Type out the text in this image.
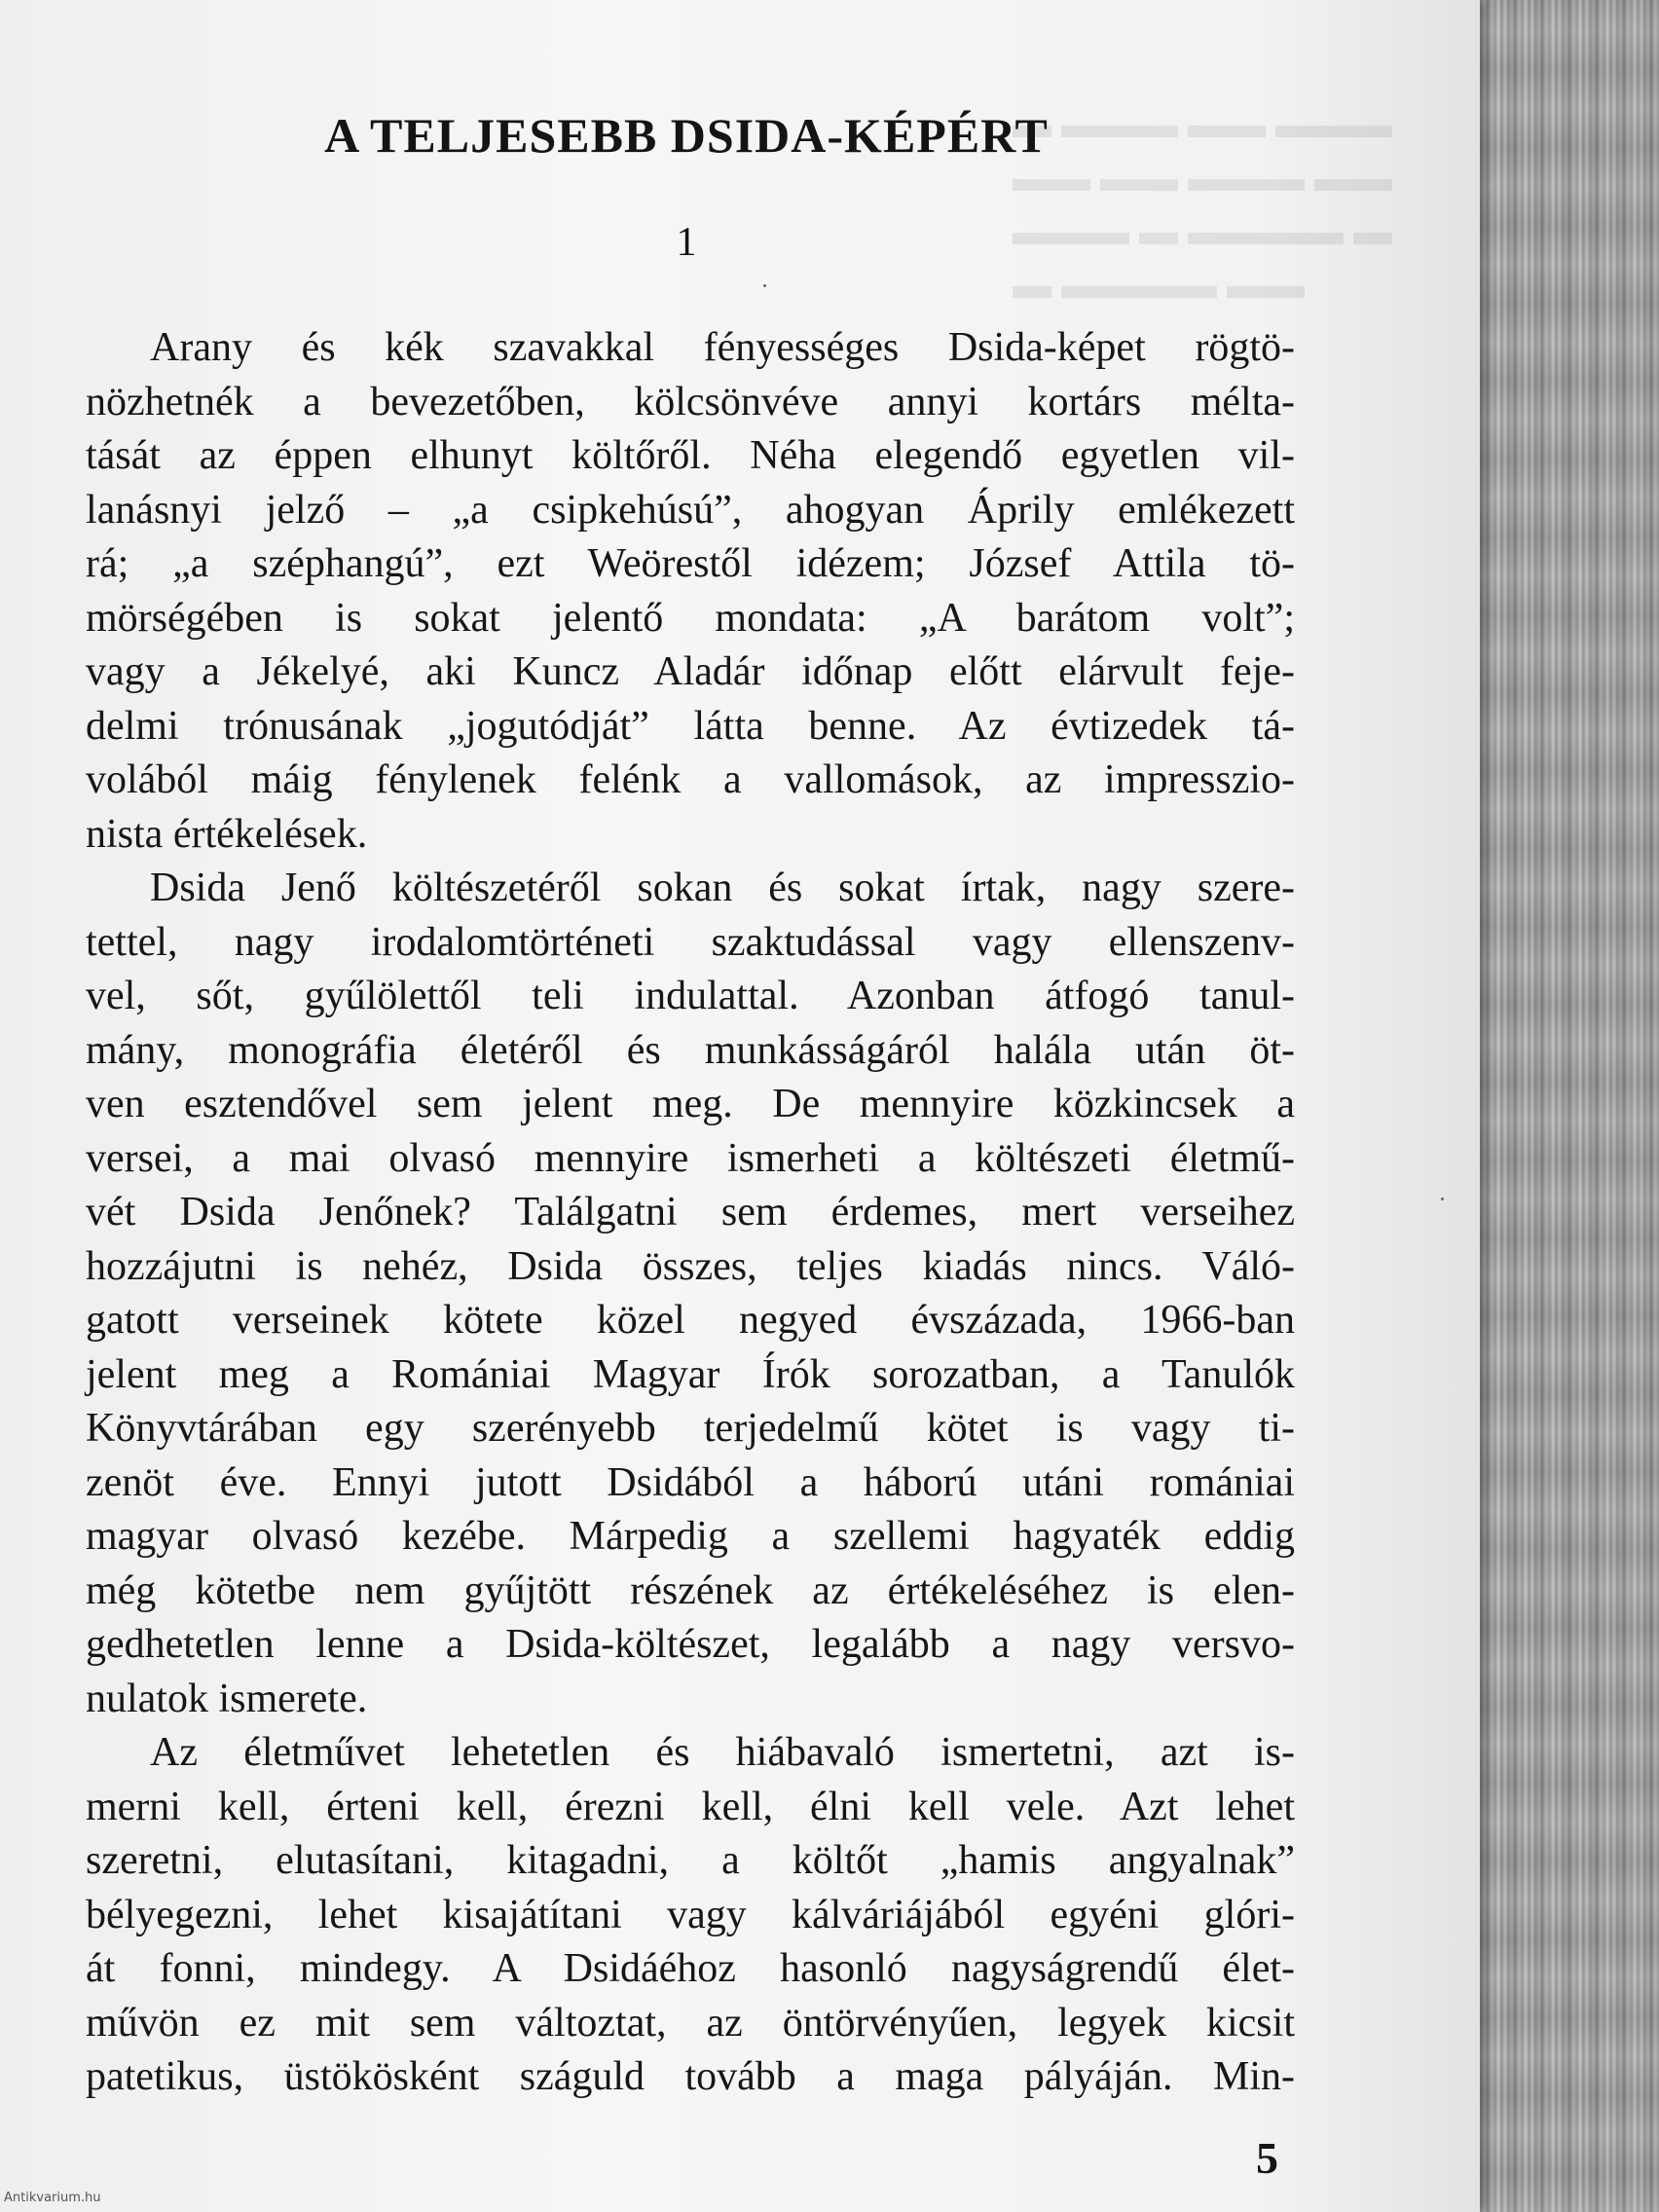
▬ ▬▬▬ ▬▬ ▬▬▬
▬▬ ▬▬ ▬▬▬ ▬▬
▬▬▬ ▬ ▬▬▬▬ ▬
▬ ▬▬▬▬ ▬▬
A TELJESEBB DSIDA-KÉPÉRT
1
Arany és kék szavakkal fényességes Dsida-képet rögtö-
nözhetnék a bevezetőben, kölcsönvéve annyi kortárs mélta-
tását az éppen elhunyt költőről. Néha elegendő egyetlen vil-
lanásnyi jelző – „a csipkehúsú”, ahogyan Áprily emlékezett
rá; „a széphangú”, ezt Weörestől idézem; József Attila tö-
mörségében is sokat jelentő mondata: „A barátom volt”;
vagy a Jékelyé, aki Kuncz Aladár időnap előtt elárvult feje-
delmi trónusának „jogutódját” látta benne. Az évtizedek tá-
volából máig fénylenek felénk a vallomások, az impresszio-
nista értékelések.
Dsida Jenő költészetéről sokan és sokat írtak, nagy szere-
tettel, nagy irodalomtörténeti szaktudással vagy ellenszenv-
vel, sőt, gyűlölettől teli indulattal. Azonban átfogó tanul-
mány, monográfia életéről és munkásságáról halála után öt-
ven esztendővel sem jelent meg. De mennyire közkincsek a
versei, a mai olvasó mennyire ismerheti a költészeti életmű-
vét Dsida Jenőnek? Találgatni sem érdemes, mert verseihez
hozzájutni is nehéz, Dsida összes, teljes kiadás nincs. Váló-
gatott verseinek kötete közel negyed évszázada, 1966-ban
jelent meg a Romániai Magyar Írók sorozatban, a Tanulók
Könyvtárában egy szerényebb terjedelmű kötet is vagy ti-
zenöt éve. Ennyi jutott Dsidából a háború utáni romániai
magyar olvasó kezébe. Márpedig a szellemi hagyaték eddig
még kötetbe nem gyűjtött részének az értékeléséhez is elen-
gedhetetlen lenne a Dsida-költészet, legalább a nagy versvo-
nulatok ismerete.
Az életművet lehetetlen és hiábavaló ismertetni, azt is-
merni kell, érteni kell, érezni kell, élni kell vele. Azt lehet
szeretni, elutasítani, kitagadni, a költőt „hamis angyalnak”
bélyegezni, lehet kisajátítani vagy kálváriájából egyéni glóri-
át fonni, mindegy. A Dsidáéhoz hasonló nagyságrendű élet-
művön ez mit sem változtat, az öntörvényűen, legyek kicsit
patetikus, üstökösként száguld tovább a maga pályáján. Min-
5
Antikvarium.hu
